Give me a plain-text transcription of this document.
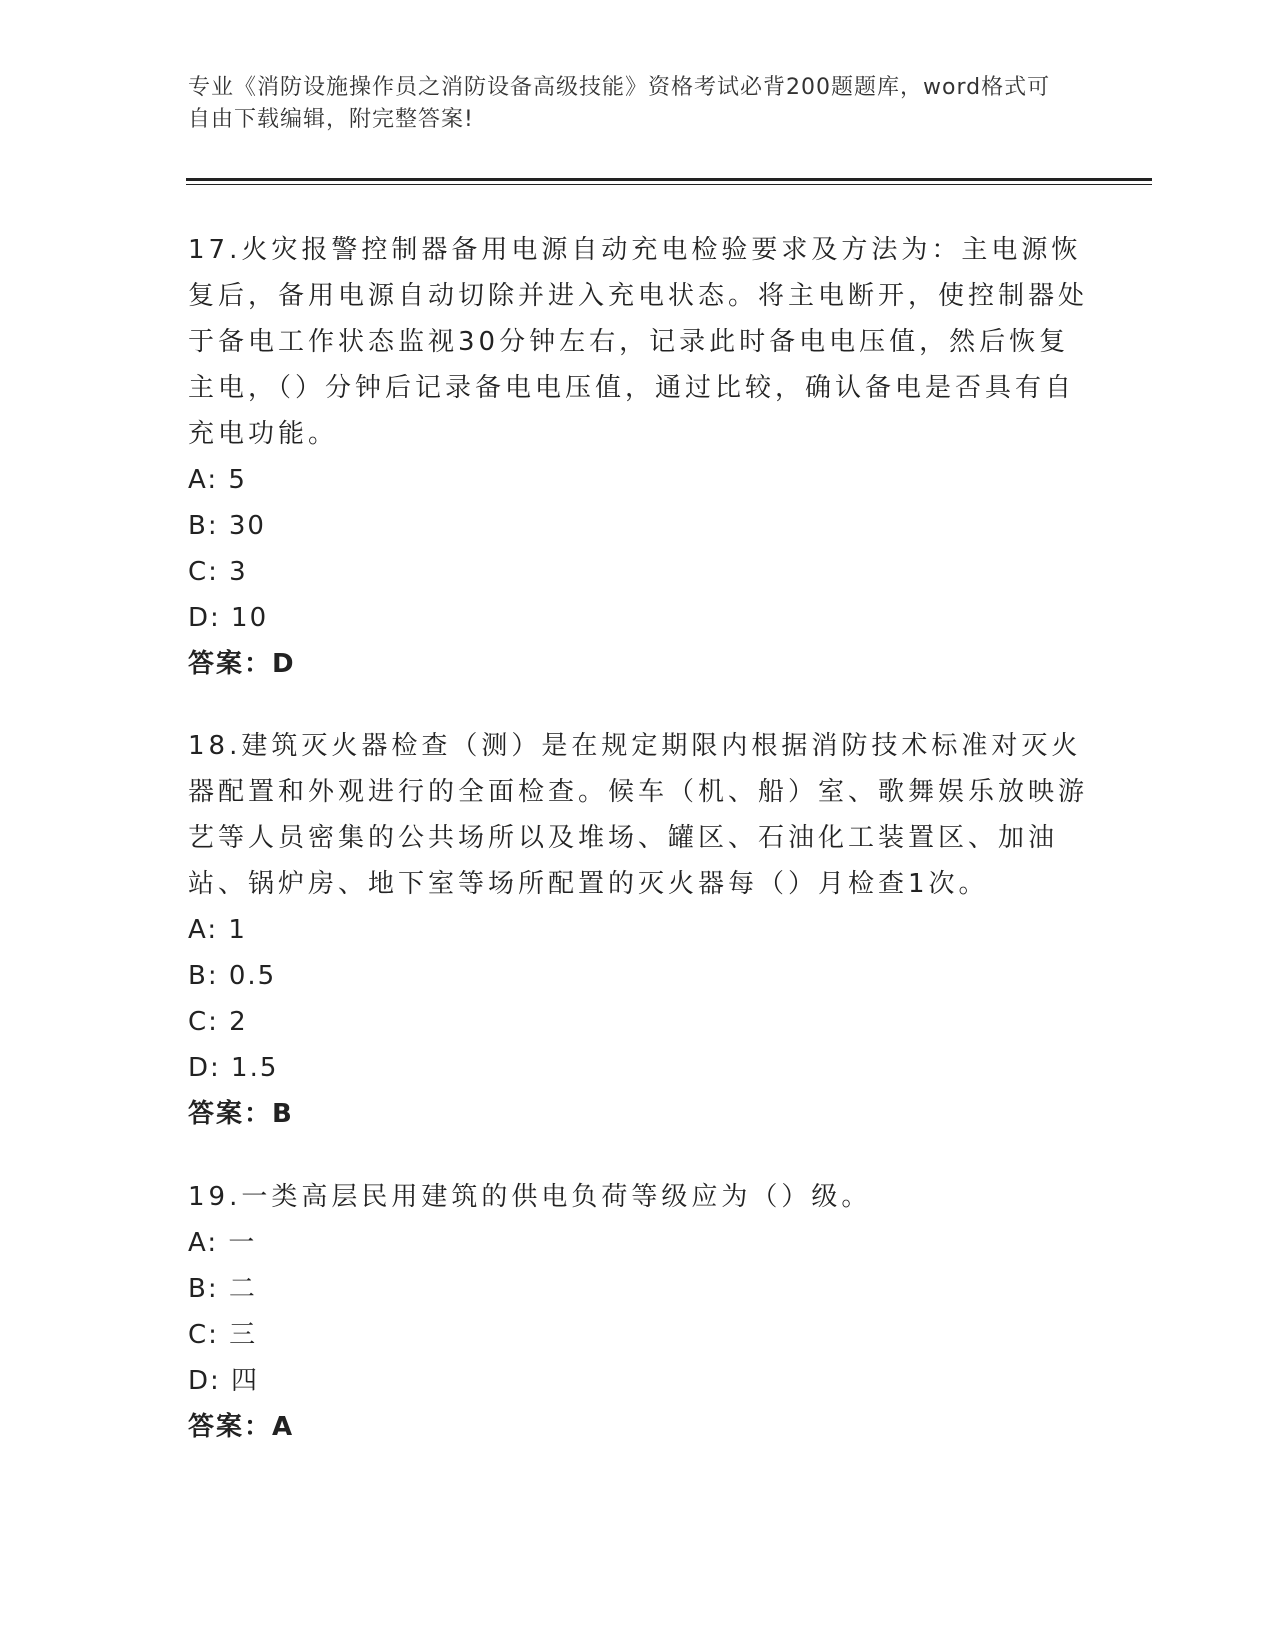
专业《消防设施操作员之消防设备高级技能》资格考试必背200题题库，word格式可自由下载编辑，附完整答案!

17.火灾报警控制器备用电源自动充电检验要求及方法为：主电源恢复后，备用电源自动切除并进入充电状态。将主电断开，使控制器处于备电工作状态监视30分钟左右，记录此时备电电压值，然后恢复主电，（）分钟后记录备电电压值，通过比较，确认备电是否具有自充电功能。

A: 5

B: 30

C: 3

D: 10

答案：D

18.建筑灭火器检查（测）是在规定期限内根据消防技术标准对灭火器配置和外观进行的全面检查。候车（机、船）室、歌舞娱乐放映游艺等人员密集的公共场所以及堆场、罐区、石油化工装置区、加油站、锅炉房、地下室等场所配置的灭火器每（）月检查1次。

A: 1

B: 0.5

C: 2

D: 1.5

答案：B

19.一类高层民用建筑的供电负荷等级应为（）级。

A: 一

B: 二

C: 三

D: 四

答案：A
